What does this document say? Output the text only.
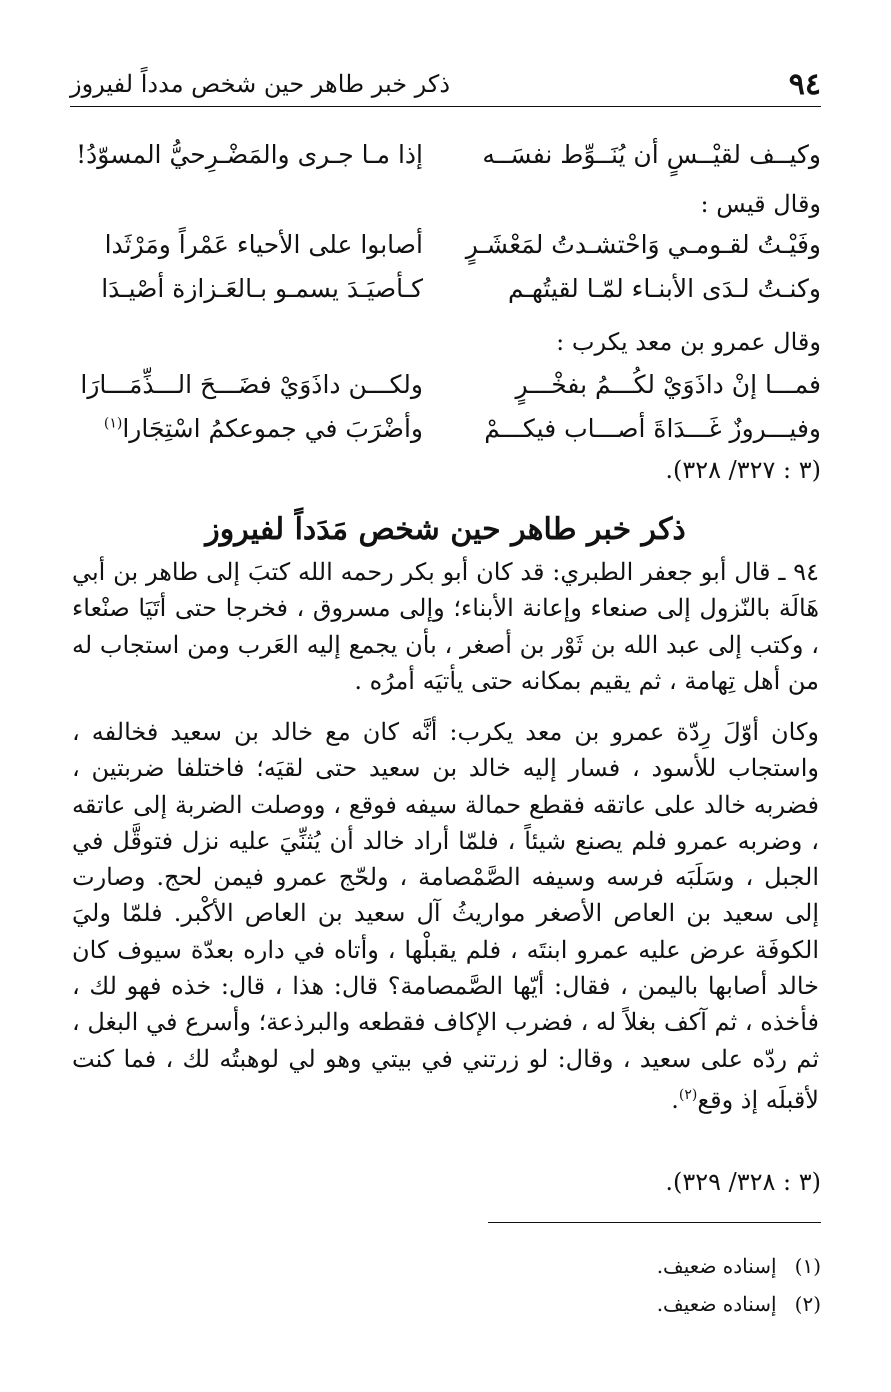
٩٤
ذكر خبر طاهر حين شخص مدداً لفيروز
وكيــف لقيْــسٍ أن يُنَــوِّط نفسَــه
إذا مـا جـرى والمَضْـرِحيُّ المسوّدُ!
وقال قيس :
وفَيْـتُ لقـومـي وَاحْتشـدتُ لمَعْشَـرٍ
أصابوا على الأحياء عَمْراً ومَرْثَدا
وكنـتُ لـدَى الأبنـاء لمّـا لقيتُهـم
كـأصيَـدَ يسمـو بـالعَـزازة أصْيـدَا
وقال عمرو بن معد يكرب :
فمـــا إنْ داذَوَيْ لكُـــمُ بفخْـــرٍ
ولكـــن داذَوَيْ فضَـــحَ الـــذِّمَـــارَا
وفيـــروزٌ غَـــدَاةَ أصـــاب فيكـــمْ
وأضْرَبَ في جموعكمُ اسْتِجَارا$^{(١)}$
(٣ : ٣٢٧/ ٣٢٨).
ذكر خبر طاهر حين شخص مَدَداً لفيروز

٩٤ ـ قال أبو جعفر الطبري: قد كان أبو بكر رحمه الله كتبَ إلى طاهر بن أبي هَالَة بالنّزول إلى صنعاء وإعانة الأبناء؛ وإلى مسروق ، فخرجا حتى أتَيَا صنْعاء ، وكتب إلى عبد الله بن ثَوْر بن أصغر ، بأن يجمع إليه العَرب ومن استجاب له من أهل تِهامة ، ثم يقيم بمكانه حتى يأتيَه أمرُه .

وكان أوّلَ رِدّة عمرو بن معد يكرب: أنَّه كان مع خالد بن سعيد فخالفه ، واستجاب للأسود ، فسار إليه خالد بن سعيد حتى لقيَه؛ فاختلفا ضربتين ، فضربه خالد على عاتقه فقطع حمالة سيفه فوقع ، ووصلت الضربة إلى عاتقه ، وضربه عمرو فلم يصنع شيئاً ، فلمّا أراد خالد أن يُثنِّيَ عليه نزل فتوقَّل في الجبل ، وسَلَبَه فرسه وسيفه الصَّمْصامة ، ولحّج عمرو فيمن لحج. وصارت إلى سعيد بن العاص الأصغر مواريثُ آل سعيد بن العاص الأكْبر. فلمّا وليَ الكوفَة عرض عليه عمرو ابنتَه ، فلم يقبلْها ، وأتاه في داره بعدّة سيوف كان خالد أصابها باليمن ، فقال: أيّها الصَّمصامة؟ قال: هذا ، قال: خذه فهو لك ، فأخذه ، ثم آكف بغلاً له ، فضرب الإكاف فقطعه والبرذعة؛ وأسرع في البغل ، ثم ردّه على سعيد ، وقال: لو زرتني في بيتي وهو لي لوهبتُه لك ، فما كنت لأقبلَه إذ وقع$^{(٢)}$.

(٣ : ٣٢٨/ ٣٢٩).
(١)إسناده ضعيف.
(٢)إسناده ضعيف.
